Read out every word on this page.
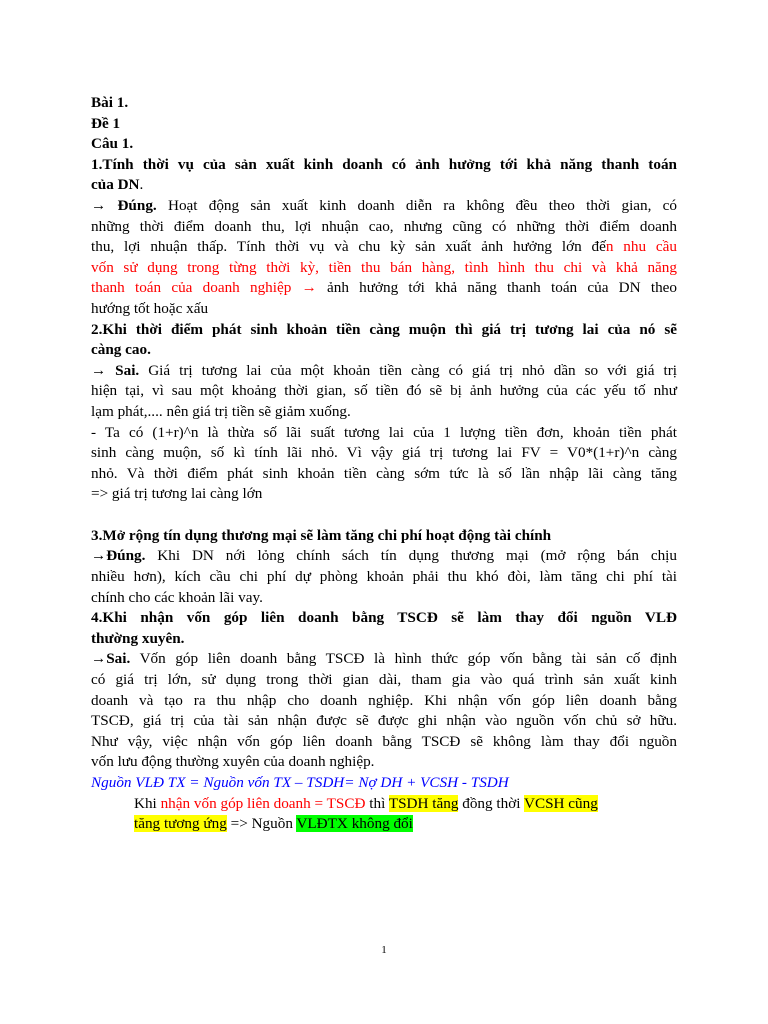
Bài 1.
Đề 1
Câu 1.
1.Tính thời vụ của sản xuất kinh doanh có ảnh hưởng tới khả năng thanh toán
của DN.
→ Đúng. Hoạt động sản xuất kinh doanh diễn ra không đều theo thời gian, có
những thời điểm doanh thu, lợi nhuận cao, nhưng cũng có những thời điểm doanh
thu, lợi nhuận thấp. Tính thời vụ và chu kỳ sản xuất ảnh hưởng lớn đến nhu cầu
vốn sử dụng trong từng thời kỳ, tiền thu bán hàng, tình hình thu chi và khả năng
thanh toán của doanh nghiệp → ảnh hưởng tới khả năng thanh toán của DN theo
hướng tốt hoặc xấu
2.Khi thời điểm phát sinh khoản tiền càng muộn thì giá trị tương lai của nó sẽ
càng cao.
→ Sai. Giá trị tương lai của một khoản tiền càng có giá trị nhỏ dần so với giá trị
hiện tại, vì sau một khoảng thời gian, số tiền đó sẽ bị ảnh hưởng của các yếu tố như
lạm phát,.... nên giá trị tiền sẽ giảm xuống.
- Ta có (1+r)^n là thừa số lãi suất tương lai của 1 lượng tiền đơn, khoản tiền phát
sinh càng muộn, số kì tính lãi nhỏ. Vì vậy giá trị tương lai FV = V0*(1+r)^n càng
nhỏ. Và thời điểm phát sinh khoản tiền càng sớm tức là số lần nhập lãi càng tăng
=> giá trị tương lai càng lớn
3.Mở rộng tín dụng thương mại sẽ làm tăng chi phí hoạt động tài chính
→Đúng. Khi DN nới lỏng chính sách tín dụng thương mại (mở rộng bán chịu
nhiều hơn), kích cầu chi phí dự phòng khoản phải thu khó đòi, làm tăng chi phí tài
chính cho các khoản lãi vay.
4.Khi nhận vốn góp liên doanh bằng TSCĐ sẽ làm thay đổi nguồn VLĐ
thường xuyên.
→Sai. Vốn góp liên doanh bằng TSCĐ là hình thức góp vốn bằng tài sản cố định
có giá trị lớn, sử dụng trong thời gian dài, tham gia vào quá trình sản xuất kinh
doanh và tạo ra thu nhập cho doanh nghiệp. Khi nhận vốn góp liên doanh bằng
TSCĐ, giá trị của tài sản nhận được sẽ được ghi nhận vào nguồn vốn chủ sở hữu.
Như vậy, việc nhận vốn góp liên doanh bằng TSCĐ sẽ không làm thay đổi nguồn
vốn lưu động thường xuyên của doanh nghiệp.
Nguồn VLĐ TX = Nguồn vốn TX – TSDH= Nợ DH + VCSH - TSDH
Khi nhận vốn góp liên doanh = TSCĐ thì TSDH tăng đồng thời VCSH cũng
tăng tương ứng => Nguồn VLĐTX không đổi
1
